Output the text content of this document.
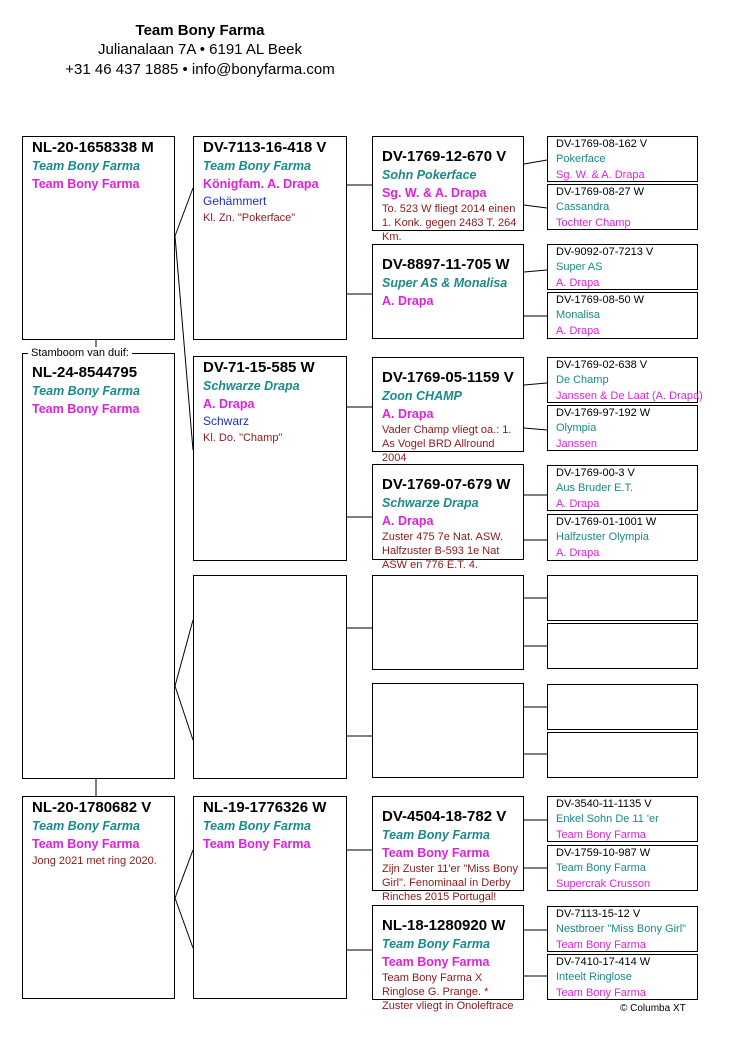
Team Bony Farma
Julianalaan 7A • 6191 AL Beek
+31 46 437 1885 • info@bonyfarma.com
NL-20-1658338 M
Team Bony Farma
Team Bony Farma
NL-24-8544795
Team Bony Farma
Team Bony Farma
Stamboom van duif:
NL-20-1780682 V
Team Bony Farma
Team Bony Farma
Jong 2021 met ring 2020.
DV-7113-16-418 V
Team Bony Farma
Königfam. A. Drapa
Gehämmert
Kl. Zn. "Pokerface"
DV-71-15-585 W
Schwarze Drapa
A. Drapa
Schwarz
Kl. Do. "Champ"
NL-19-1776326 W
Team Bony Farma
Team Bony Farma
DV-1769-12-670 V
Sohn Pokerface
Sg. W. & A. Drapa
To. 523 W fliegt 2014 einen 1. Konk. gegen 2483 T. 264 Km.
DV-8897-11-705 W
Super AS & Monalisa
A. Drapa
DV-1769-05-1159 V
Zoon CHAMP
A. Drapa
Vader Champ vliegt oa.: 1. As Vogel BRD Allround 2004
DV-1769-07-679 W
Schwarze Drapa
A. Drapa
Zuster 475 7e Nat. ASW. Halfzuster B-593 1e Nat ASW en 776 E.T. 4.
DV-4504-18-782 V
Team Bony Farma
Team Bony Farma
Zijn Zuster 11'er "Miss Bony Girl". Fenominaal in Derby Rinches 2015 Portugal!
NL-18-1280920 W
Team Bony Farma
Team Bony Farma
Team Bony Farma X Ringlose G. Prange. * Zuster vliegt in Onoleftrace
DV-1769-08-162 V
Pokerface
Sg. W. & A. Drapa
DV-1769-08-27 W
Cassandra
Tochter Champ
DV-9092-07-7213 V
Super AS
A. Drapa
DV-1769-08-50 W
Monalisa
A. Drapa
DV-1769-02-638 V
De Champ
Janssen & De Laat (A. Drapa)
DV-1769-97-192 W
Olympia
Janssen
DV-1769-00-3 V
Aus Bruder E.T.
A. Drapa
DV-1769-01-1001 W
Halfzuster Olympia
A. Drapa
DV-3540-11-1135 V
Enkel Sohn De 11 'er
Team Bony Farma
DV-1759-10-987 W
Team Bony Farma
Supercrak Crusson
DV-7113-15-12 V
Nestbroer "Miss Bony Girl"
Team Bony Farma
DV-7410-17-414 W
Inteelt Ringlose
Team Bony Farma
© Columba XT
